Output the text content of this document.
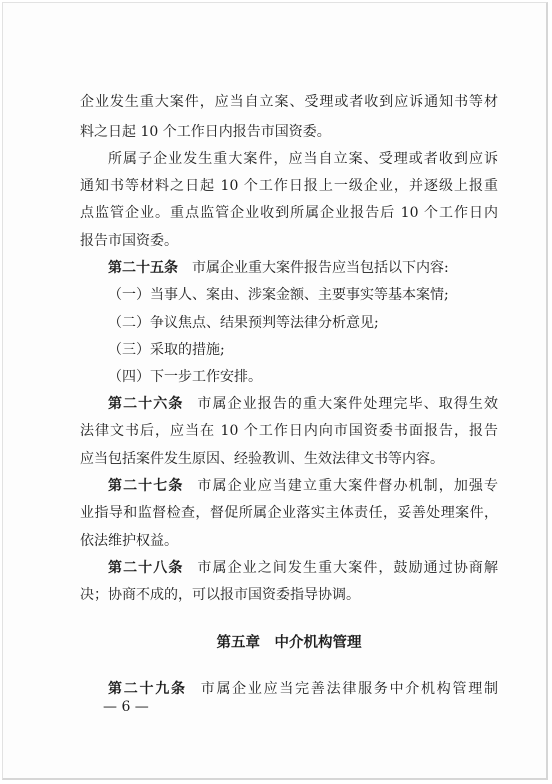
企业发生重大案件，应当自立案、受理或者收到应诉通知书等材
料之日起 10 个工作日内报告市国资委。
所属子企业发生重大案件，应当自立案、受理或者收到应诉
通知书等材料之日起 10 个工作日报上一级企业，并逐级上报重
点监管企业。重点监管企业收到所属企业报告后 10 个工作日内
报告市国资委。
第二十五条 市属企业重大案件报告应当包括以下内容:
（一）当事人、案由、涉案金额、主要事实等基本案情;
（二）争议焦点、结果预判等法律分析意见;
（三）采取的措施;
（四）下一步工作安排。
第二十六条 市属企业报告的重大案件处理完毕、取得生效
法律文书后，应当在 10 个工作日内向市国资委书面报告，报告
应当包括案件发生原因、经验教训、生效法律文书等内容。
第二十七条 市属企业应当建立重大案件督办机制，加强专
业指导和监督检查，督促所属企业落实主体责任，妥善处理案件，
依法维护权益。
第二十八条 市属企业之间发生重大案件，鼓励通过协商解
决；协商不成的，可以报市国资委指导协调。
第五章　中介机构管理
第二十九条 市属企业应当完善法律服务中介机构管理制
— 6 —
